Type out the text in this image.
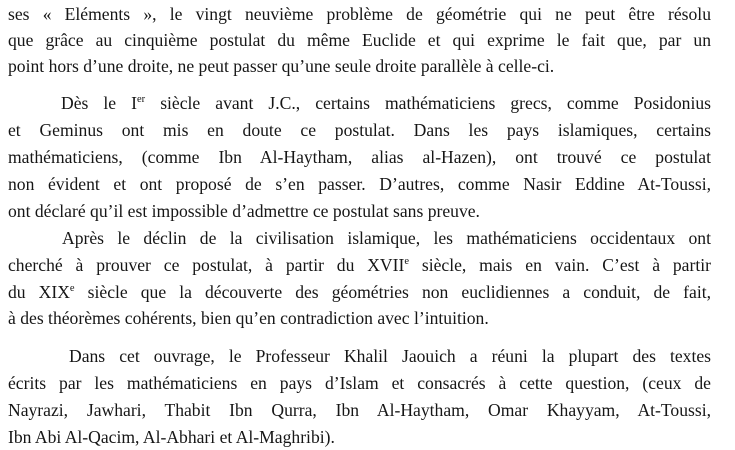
ses « Eléments », le vingt neuvième problème de géométrie qui ne peut être résolu
que grâce au cinquième postulat du même Euclide et qui exprime le fait que, par un
point hors d’une droite, ne peut passer qu’une seule droite parallèle à celle-ci.
Dès le Ier siècle avant J.C., certains mathématiciens grecs, comme Posidonius
et Geminus ont mis en doute ce postulat. Dans les pays islamiques, certains
mathématiciens, (comme Ibn Al-Haytham, alias al-Hazen), ont trouvé ce postulat
non évident et ont proposé de s’en passer. D’autres, comme Nasir Eddine At-Toussi,
ont déclaré qu’il est impossible d’admettre ce postulat sans preuve.
Après le déclin de la civilisation islamique, les mathématiciens occidentaux ont
cherché à prouver ce postulat, à partir du XVIIe siècle, mais en vain. C’est à partir
du XIXe siècle que la découverte des géométries non euclidiennes a conduit, de fait,
à des théorèmes cohérents, bien qu’en contradiction avec l’intuition.
Dans cet ouvrage, le Professeur Khalil Jaouich a réuni la plupart des textes
écrits par les mathématiciens en pays d’Islam et consacrés à cette question, (ceux de
Nayrazi, Jawhari, Thabit Ibn Qurra, Ibn Al-Haytham, Omar Khayyam, At-Toussi,
Ibn Abi Al-Qacim, Al-Abhari et Al-Maghribi).
